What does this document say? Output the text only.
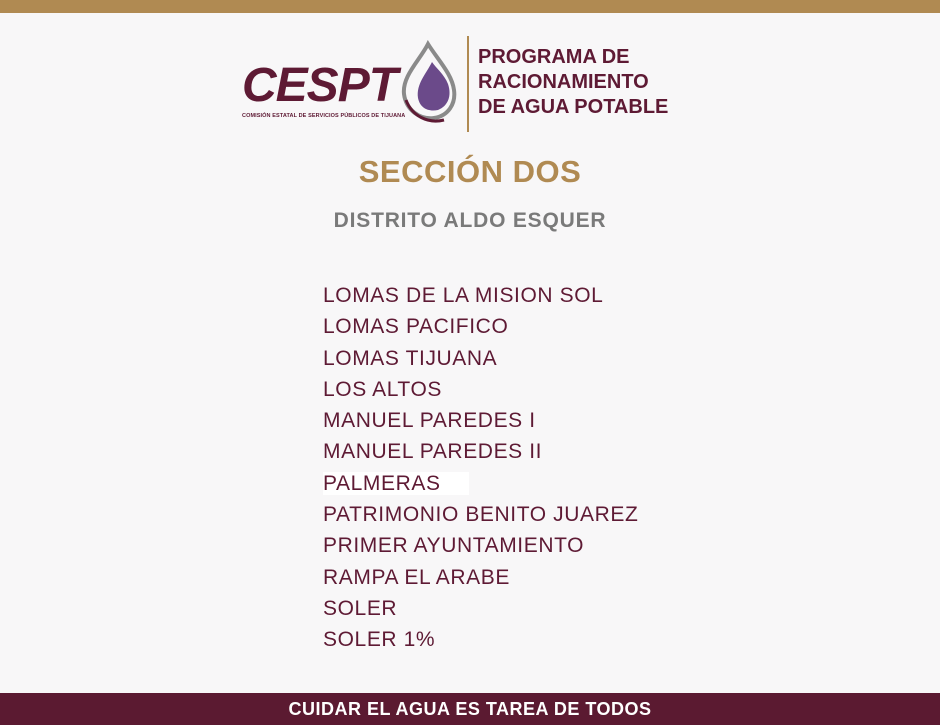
CESPT
COMISIÓN ESTATAL DE SERVICIOS PÚBLICOS DE TIJUANA
PROGRAMA DE
RACIONAMIENTO
DE AGUA POTABLE
SECCIÓN DOS
DISTRITO ALDO ESQUER
LOMAS DE LA MISION SOL
LOMAS PACIFICO
LOMAS TIJUANA
LOS ALTOS
MANUEL PAREDES I
MANUEL PAREDES II
PALMERAS
PATRIMONIO BENITO JUAREZ
PRIMER AYUNTAMIENTO
RAMPA EL ARABE
SOLER
SOLER 1%
CUIDAR EL AGUA ES TAREA DE TODOS
